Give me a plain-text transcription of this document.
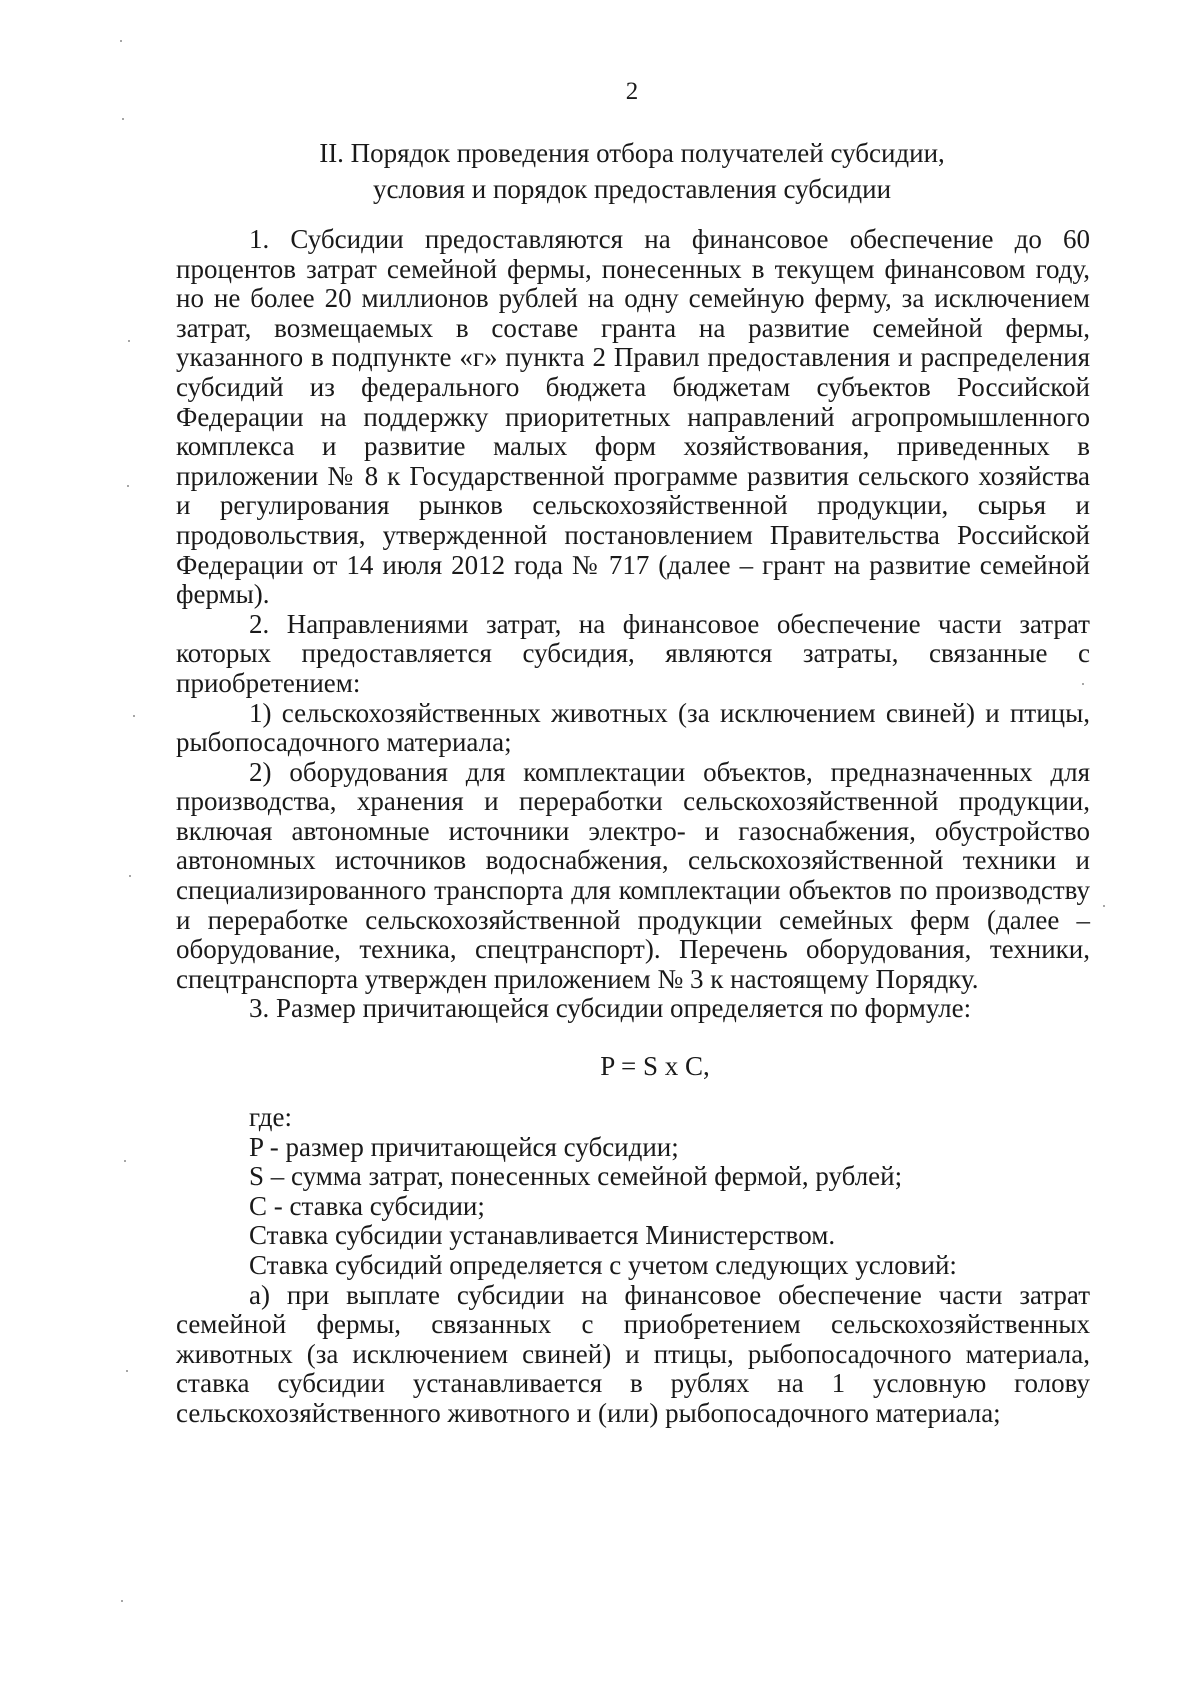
2
II. Порядок проведения отбора получателей субсидии,
условия и порядок предоставления субсидии

1. Субсидии предоставляются на финансовое обеспечение до 60 процентов затрат семейной фермы, понесенных в текущем финансовом году, но не более 20 миллионов рублей на одну семейную ферму, за исключением затрат, возмещаемых в составе гранта на развитие семейной фермы, указанного в подпункте «г» пункта 2 Правил предоставления и распределения субсидий из федерального бюджета бюджетам субъектов Российской Федерации на поддержку приоритетных направлений агропромышленного комплекса и развитие малых форм хозяйствования, приведенных в приложении № 8 к Государственной программе развития сельского хозяйства и регулирования рынков сельскохозяйственной продукции, сырья и продовольствия, утвержденной постановлением Правительства Российской Федерации от 14 июля 2012 года № 717 (далее – грант на развитие семейной фермы).

2. Направлениями затрат, на финансовое обеспечение части затрат которых предоставляется субсидия, являются затраты, связанные с приобретением:

1) сельскохозяйственных животных (за исключением свиней) и птицы, рыбопосадочного материала;

2) оборудования для комплектации объектов, предназначенных для производства, хранения и переработки сельскохозяйственной продукции, включая автономные источники электро- и газоснабжения, обустройство автономных источников водоснабжения, сельскохозяйственной техники и специализированного транспорта для комплектации объектов по производству и переработке сельскохозяйственной продукции семейных ферм (далее – оборудование, техника, спецтранспорт). Перечень оборудования, техники, спецтранспорта утвержден приложением № 3 к настоящему Порядку.

3. Размер причитающейся субсидии определяется по формуле:

P = S x C,

где:

P - размер причитающейся субсидии;

S – сумма затрат, понесенных семейной фермой, рублей;

C - ставка субсидии;

Ставка субсидии устанавливается Министерством.

Ставка субсидий определяется с учетом следующих условий:

а) при выплате субсидии на финансовое обеспечение части затрат семейной фермы, связанных с приобретением сельскохозяйственных животных (за исключением свиней) и птицы, рыбопосадочного материала, ставка субсидии устанавливается в рублях на 1 условную голову сельскохозяйственного животного и (или) рыбопосадочного материала;
